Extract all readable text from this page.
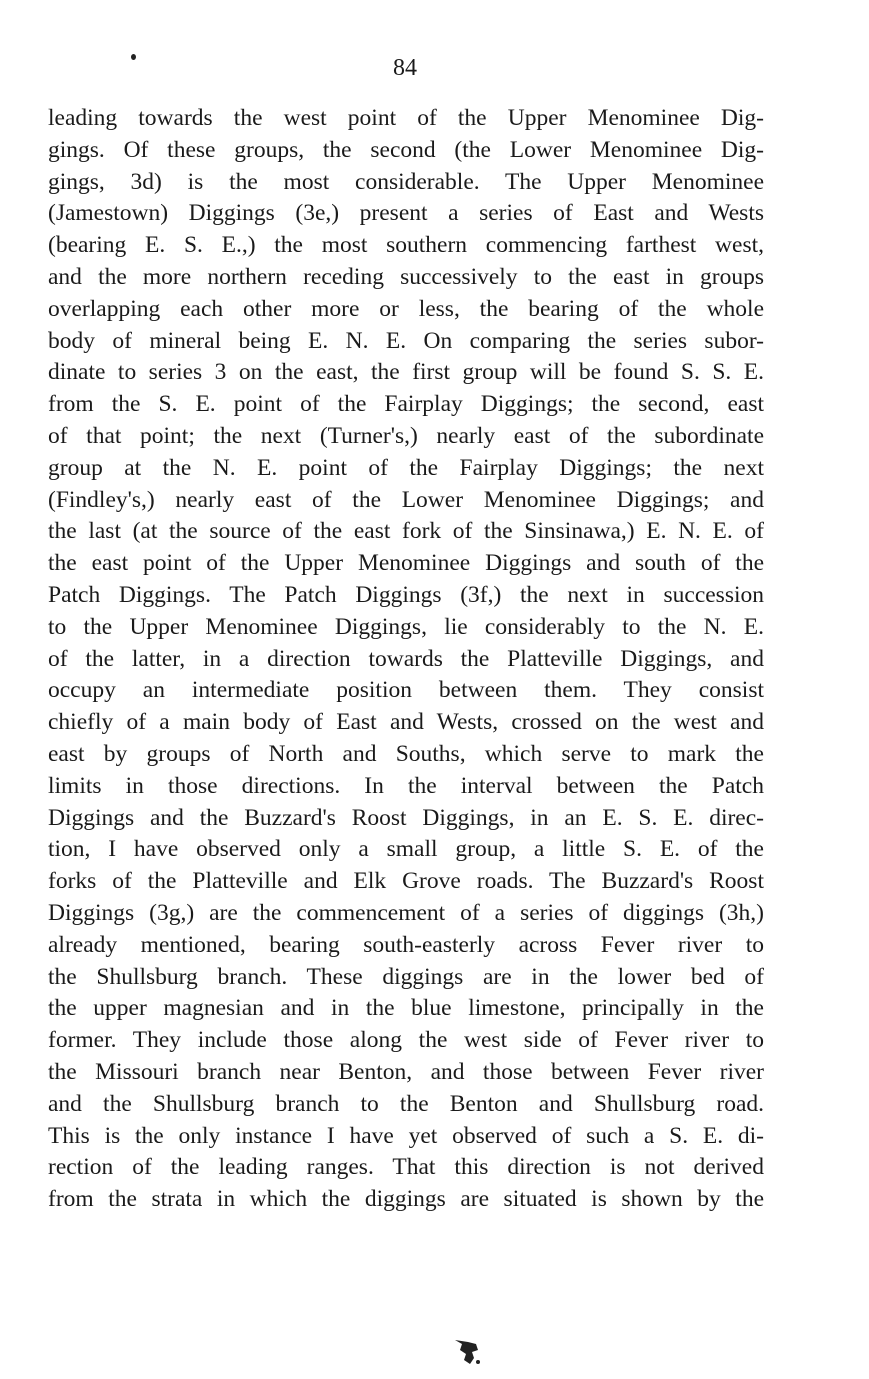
84
leading towards the west point of the Upper Menominee Dig-
gings. Of these groups, the second (the Lower Menominee Dig-
gings, 3d) is the most considerable. The Upper Menominee
(Jamestown) Diggings (3e,) present a series of East and Wests
(bearing E. S. E.,) the most southern commencing farthest west,
and the more northern receding successively to the east in groups
overlapping each other more or less, the bearing of the whole
body of mineral being E. N. E. On comparing the series subor-
dinate to series 3 on the east, the first group will be found S. S. E.
from the S. E. point of the Fairplay Diggings; the second, east
of that point; the next (Turner's,) nearly east of the subordinate
group at the N. E. point of the Fairplay Diggings; the next
(Findley's,) nearly east of the Lower Menominee Diggings; and
the last (at the source of the east fork of the Sinsinawa,) E. N. E. of
the east point of the Upper Menominee Diggings and south of the
Patch Diggings. The Patch Diggings (3f,) the next in succession
to the Upper Menominee Diggings, lie considerably to the N. E.
of the latter, in a direction towards the Platteville Diggings, and
occupy an intermediate position between them. They consist
chiefly of a main body of East and Wests, crossed on the west and
east by groups of North and Souths, which serve to mark the
limits in those directions. In the interval between the Patch
Diggings and the Buzzard's Roost Diggings, in an E. S. E. direc-
tion, I have observed only a small group, a little S. E. of the
forks of the Platteville and Elk Grove roads. The Buzzard's Roost
Diggings (3g,) are the commencement of a series of diggings (3h,)
already mentioned, bearing south-easterly across Fever river to
the Shullsburg branch. These diggings are in the lower bed of
the upper magnesian and in the blue limestone, principally in the
former. They include those along the west side of Fever river to
the Missouri branch near Benton, and those between Fever river
and the Shullsburg branch to the Benton and Shullsburg road.
This is the only instance I have yet observed of such a S. E. di-
rection of the leading ranges. That this direction is not derived
from the strata in which the diggings are situated is shown by the
